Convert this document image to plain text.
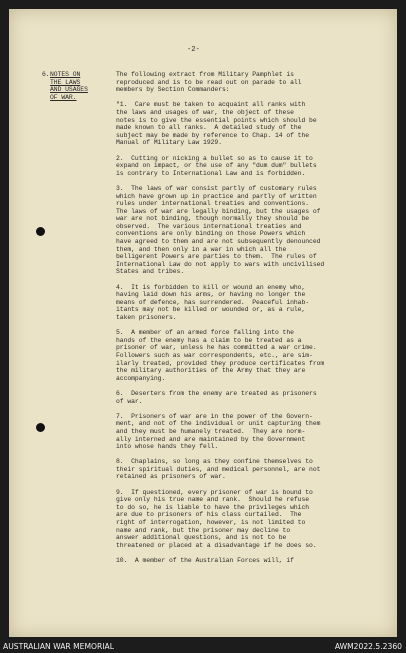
-2-
6. NOTES ON
THE LAWS
AND USAGES
OF WAR.
The following extract from Military Pamphlet is
reproduced and is to be read out on parade to all
members by Section Commanders:

"1.  Care must be taken to acquaint all ranks with
the laws and usages of war, the object of these
notes is to give the essential points which should be
made known to all ranks.  A detailed study of the
subject may be made by reference to Chap. 14 of the
Manual of Military Law 1929.

2.  Cutting or nicking a bullet so as to cause it to
expand on impact, or the use of any "dum dum" bullets
is contrary to International Law and is forbidden.

3.  The laws of war consist partly of customary rules
which have grown up in practice and partly of written
rules under international treaties and conventions.
The laws of war are legally binding, but the usages of
war are not binding, though normally they should be
observed.  The various international treaties and
conventions are only binding on those Powers which
have agreed to them and are not subsequently denounced
them, and then only in a war in which all the
belligerent Powers are parties to them.  The rules of
International Law do not apply to wars with uncivilised
States and tribes.

4.  It is forbidden to kill or wound an enemy who,
having laid down his arms, or having no longer the
means of defence, has surrendered.  Peaceful inhab-
itants may not be killed or wounded or, as a rule,
taken prisoners.

5.  A member of an armed force falling into the
hands of the enemy has a claim to be treated as a
prisoner of war, unless he has committed a war crime.
Followers such as war correspondents, etc., are sim-
ilarly treated, provided they produce certificates from
the military authorities of the Army that they are
accompanying.

6.  Deserters from the enemy are treated as prisoners
of war.

7.  Prisoners of war are in the power of the Govern-
ment, and not of the individual or unit capturing them
and they must be humanely treated.  They are norm-
ally interned and are maintained by the Government
into whose hands they fell.

8.  Chaplains, so long as they confine themselves to
their spiritual duties, and medical personnel, are not
retained as prisoners of war.

9.  If questioned, every prisoner of war is bound to
give only his true name and rank.  Should he refuse
to do so, he is liable to have the privileges which
are due to prisoners of his class curtailed.  The
right of interrogation, however, is not limited to
name and rank, but the prisoner may decline to
answer additional questions, and is not to be
threatened or placed at a disadvantage if he does so.

10.  A member of the Australian Forces will, if
AUSTRALIAN WAR MEMORIAL	AWM2022.5.2360
